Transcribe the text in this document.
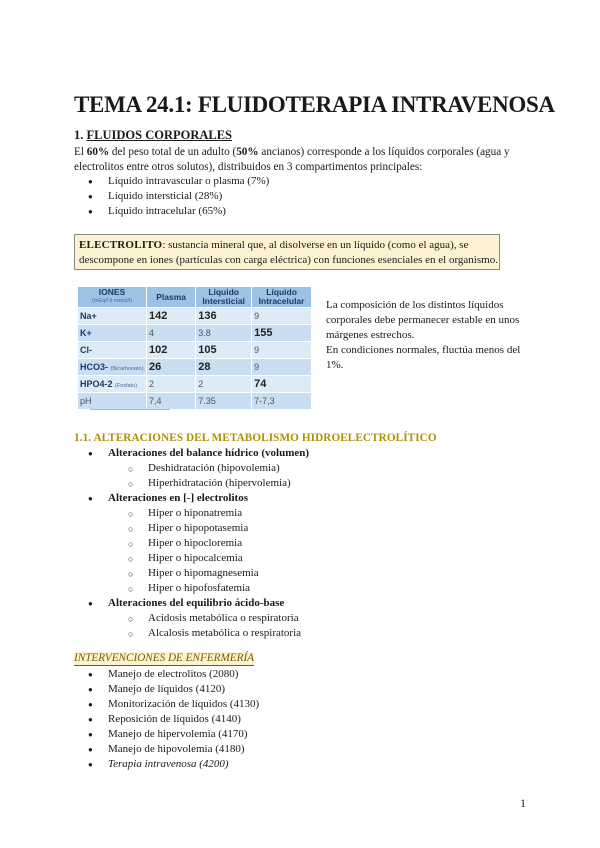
TEMA 24.1: FLUIDOTERAPIA INTRAVENOSA
1. FLUIDOS CORPORALES
El 60% del peso total de un adulto (50% ancianos) corresponde a los líquidos corporales (agua y electrolitos entre otros solutos), distribuidos en 3 compartimentos principales:
● Líquido intravascular o plasma (7%)
● Líquido intersticial (28%)
● Líquido intracelular (65%)
ELECTROLITO: sustancia mineral que, al disolverse en un líquido (como el agua), se descompone en iones (partículas con carga eléctrica) con funciones esenciales en el organismo.
IONES
(mEq/l ó mmol/l)	Plasma	Líquido Intersticial	Líquido Intracelular
Na+	142	136	9
K+	4	3.8	155
Cl-	102	105	9
HCO3- (Bicarbonato)	26	28	9
HPO4-2 (Fosfato)	2	2	74
pH	7,4	7.35	7-7,3
La composición de los distintos líquidos corporales debe permanecer estable en unos márgenes estrechos.
En condiciones normales, fluctúa menos del 1%.
1.1. ALTERACIONES DEL METABOLISMO HIDROELECTROLÍTICO
● Alteraciones del balance hídrico (volumen)
○ Deshidratación (hipovolemia)
○ Hiperhidratación (hipervolemia)
● Alteraciones en [-] electrolitos
○ Hiper o hiponatremia
○ Hiper o hipopotasemia
○ Hiper o hipocloremia
○ Hiper o hipocalcemia
○ Hiper o hipomagnesemia
○ Hiper o hipofosfatemia
● Alteraciones del equilibrio ácido-base
○ Acidosis metabólica o respiratoria
○ Alcalosis metabólica o respiratoria
INTERVENCIONES DE ENFERMERÍA
● Manejo de electrolitos (2080)
● Manejo de líquidos (4120)
● Monitorización de líquidos (4130)
● Reposición de líquidos (4140)
● Manejo de hipervolemia (4170)
● Manejo de hipovolemia (4180)
● Terapia intravenosa (4200)
1
